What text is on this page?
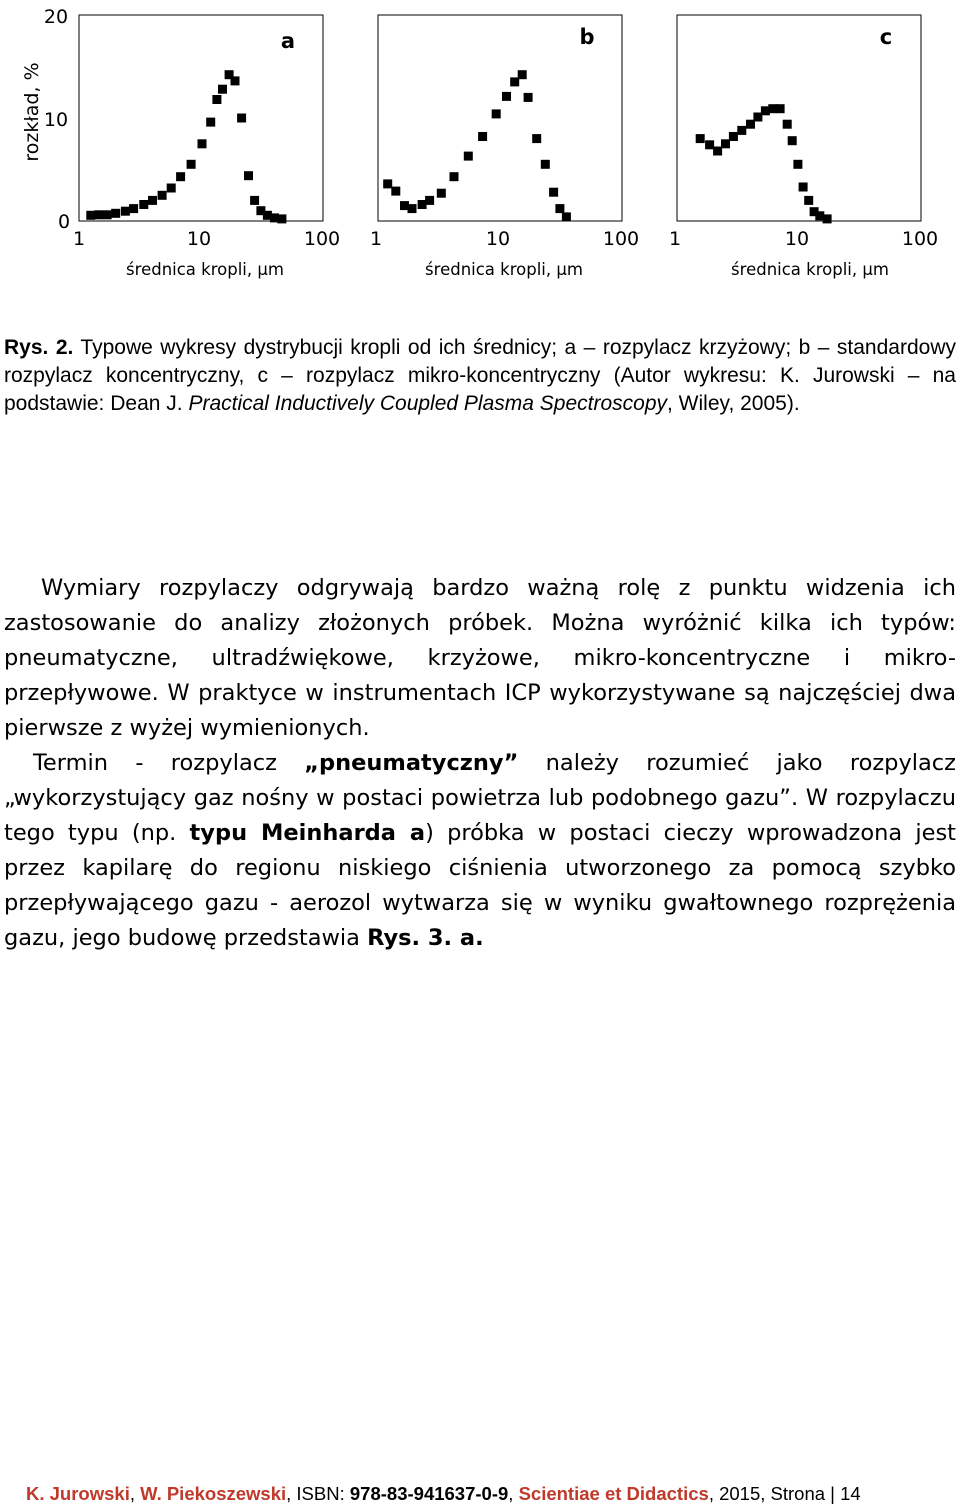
a
20
10
0
rozkład, %
1	10	100
średnica kropli, μm
b
1	10	100
średnica kropli, μm
c
1	10	100
średnica kropli, μm

Rys. 2. Typowe wykresy dystrybucji kropli od ich średnicy; a – rozpylacz krzyżowy; b – standardowy rozpylacz koncentryczny, c – rozpylacz mikro-koncentryczny (Autor wykresu: K. Jurowski – na podstawie: Dean J. Practical Inductively Coupled Plasma Spectroscopy, Wiley, 2005).

Wymiary rozpylaczy odgrywają bardzo ważną rolę z punktu widzenia ich zastosowanie do analizy złożonych próbek. Można wyróżnić kilka ich typów: pneumatyczne, ultradźwiękowe, krzyżowe, mikro-koncentryczne i mikro-przepływowe. W praktyce w instrumentach ICP wykorzystywane są najczęściej dwa pierwsze z wyżej wymienionych.

Termin - rozpylacz „pneumatyczny” należy rozumieć jako rozpylacz „wykorzystujący gaz nośny w postaci powietrza lub podobnego gazu”. W rozpylaczu tego typu (np. typu Meinharda a) próbka w postaci cieczy wprowadzona jest przez kapilarę do regionu niskiego ciśnienia utworzonego za pomocą szybko przepływającego gazu - aerozol wytwarza się w wyniku gwałtownego rozprężenia gazu, jego budowę przedstawia Rys. 3. a.

K. Jurowski, W. Piekoszewski, ISBN: 978-83-941637-0-9, Scientiae et Didactics, 2015, Strona | 14
